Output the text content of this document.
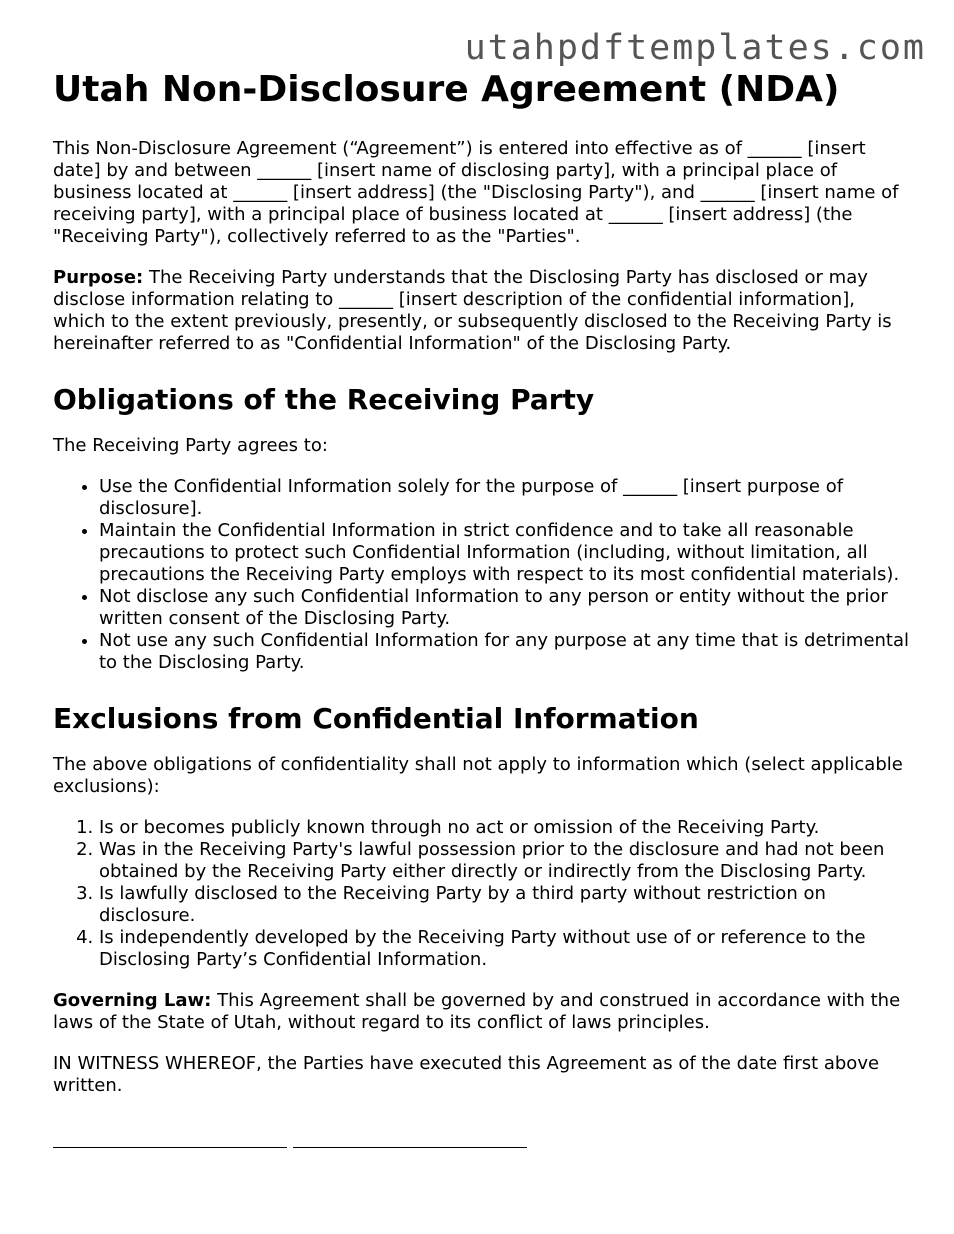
utahpdftemplates.com
Utah Non-Disclosure Agreement (NDA)

This Non-Disclosure Agreement (“Agreement”) is entered into effective as of ______ [insert date] by and between ______ [insert name of disclosing party], with a principal place of business located at ______ [insert address] (the "Disclosing Party"), and ______ [insert name of receiving party], with a principal place of business located at ______ [insert address] (the "Receiving Party"), collectively referred to as the "Parties".

Purpose: The Receiving Party understands that the Disclosing Party has disclosed or may disclose information relating to ______ [insert description of the confidential information], which to the extent previously, presently, or subsequently disclosed to the Receiving Party is hereinafter referred to as "Confidential Information" of the Disclosing Party.

Obligations of the Receiving Party

The Receiving Party agrees to:

• Use the Confidential Information solely for the purpose of ______ [insert purpose of disclosure].
• Maintain the Confidential Information in strict confidence and to take all reasonable precautions to protect such Confidential Information (including, without limitation, all precautions the Receiving Party employs with respect to its most confidential materials).
• Not disclose any such Confidential Information to any person or entity without the prior written consent of the Disclosing Party.
• Not use any such Confidential Information for any purpose at any time that is detrimental to the Disclosing Party.
Exclusions from Confidential Information

The above obligations of confidentiality shall not apply to information which (select applicable exclusions):

1. Is or becomes publicly known through no act or omission of the Receiving Party.
2. Was in the Receiving Party's lawful possession prior to the disclosure and had not been obtained by the Receiving Party either directly or indirectly from the Disclosing Party.
3. Is lawfully disclosed to the Receiving Party by a third party without restriction on disclosure.
4. Is independently developed by the Receiving Party without use of or reference to the Disclosing Party’s Confidential Information.

Governing Law: This Agreement shall be governed by and construed in accordance with the laws of the State of Utah, without regard to its conflict of laws principles.

IN WITNESS WHEREOF, the Parties have executed this Agreement as of the date first above written.
